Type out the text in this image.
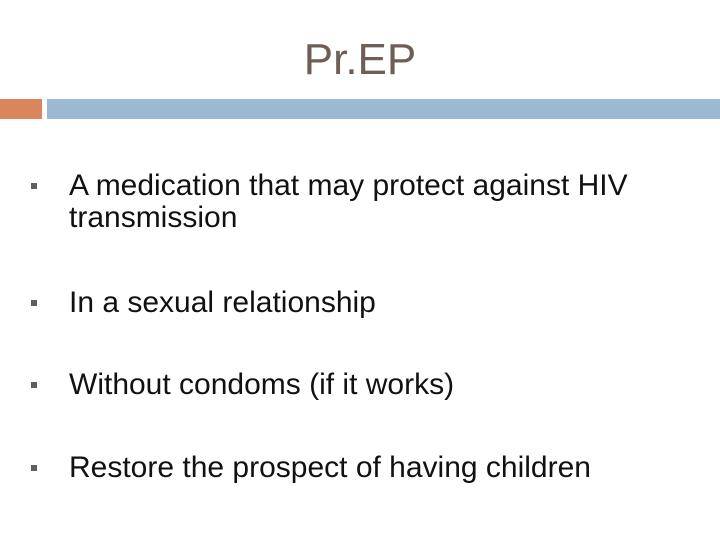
Pr.EP
A medication that may protect against HIV transmission
In a sexual relationship
Without condoms (if it works)
Restore the prospect of having children
